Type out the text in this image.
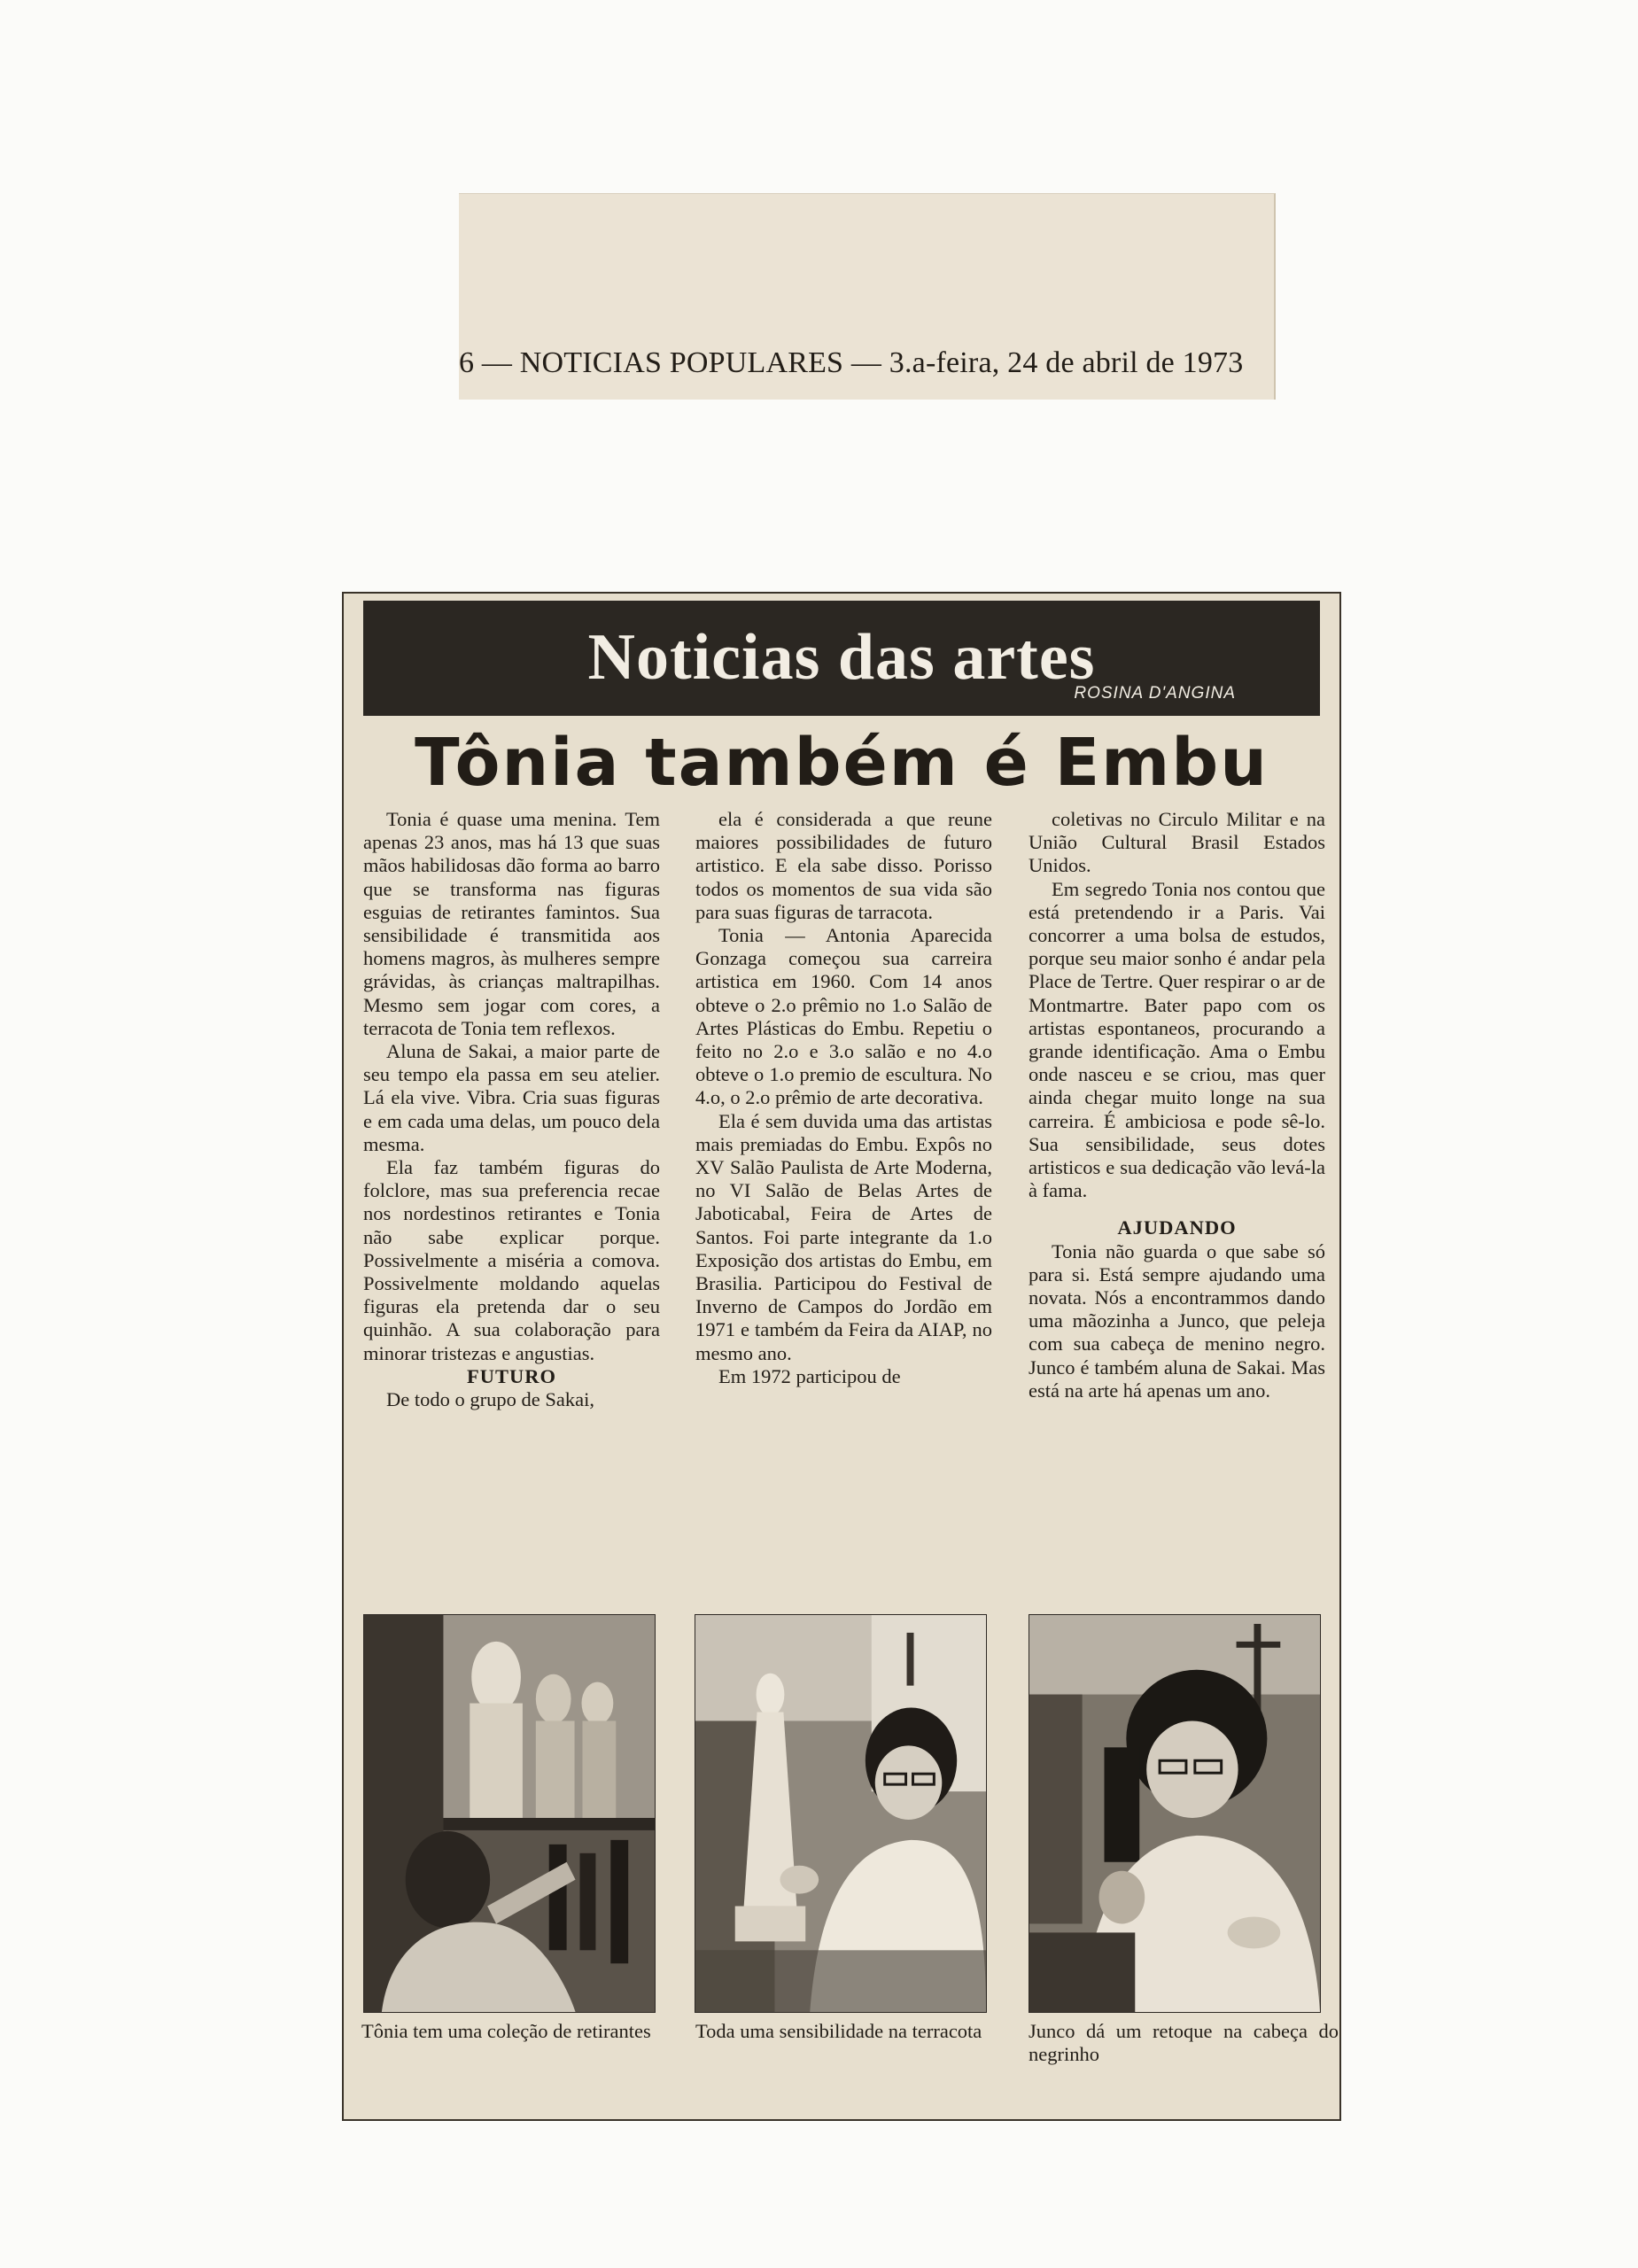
6 — NOTICIAS POPULARES — 3.a-feira, 24 de abril de 1973
Noticias das artes
ROSINA D'ANGINA
Tônia também é Embu

Tonia é quase uma menina. Tem apenas 23 anos, mas há 13 que suas mãos habilidosas dão forma ao barro que se transforma nas figuras esguias de retirantes famintos. Sua sensibilidade é transmitida aos homens magros, às mulheres sempre grávidas, às crianças maltrapilhas. Mesmo sem jogar com cores, a terracota de Tonia tem reflexos.

Aluna de Sakai, a maior parte de seu tempo ela passa em seu atelier. Lá ela vive. Vibra. Cria suas figuras e em cada uma delas, um pouco dela mesma.

Ela faz também figuras do folclore, mas sua preferencia recae nos nordestinos retirantes e Tonia não sabe explicar porque. Possivelmente a miséria a comova. Possivelmente moldando aquelas figuras ela pretenda dar o seu quinhão. A sua colaboração para minorar tristezas e angustias.

FUTURO

De todo o grupo de Sakai,

ela é considerada a que reune maiores possibilidades de futuro artistico. E ela sabe disso. Porisso todos os momentos de sua vida são para suas figuras de tarracota.

Tonia — Antonia Aparecida Gonzaga começou sua carreira artistica em 1960. Com 14 anos obteve o 2.o prêmio no 1.o Salão de Artes Plásticas do Embu. Repetiu o feito no 2.o e 3.o salão e no 4.o obteve o 1.o premio de escultura. No 4.o, o 2.o prêmio de arte decorativa.

Ela é sem duvida uma das artistas mais premiadas do Embu. Expôs no XV Salão Paulista de Arte Moderna, no VI Salão de Belas Artes de Jaboticabal, Feira de Artes de Santos. Foi parte integrante da 1.o Exposição dos artistas do Embu, em Brasilia. Participou do Festival de Inverno de Campos do Jordão em 1971 e também da Feira da AIAP, no mesmo ano.

Em 1972 participou de

coletivas no Circulo Militar e na União Cultural Brasil Estados Unidos.

Em segredo Tonia nos contou que está pretendendo ir a Paris. Vai concorrer a uma bolsa de estudos, porque seu maior sonho é andar pela Place de Tertre. Quer respirar o ar de Montmartre. Bater papo com os artistas espontaneos, procurando a grande identificação. Ama o Embu onde nasceu e se criou, mas quer ainda chegar muito longe na sua carreira. É ambiciosa e pode sê-lo. Sua sensibilidade, seus dotes artisticos e sua dedicação vão levá-la à fama.

AJUDANDO

Tonia não guarda o que sabe só para si. Está sempre ajudando uma novata. Nós a encontrammos dando uma mãozinha a Junco, que peleja com sua cabeça de menino negro. Junco é também aluna de Sakai. Mas está na arte há apenas um ano.

Tônia tem uma coleção de retirantes	Toda uma sensibilidade na terracota	Junco dá um retoque na cabeça do negrinho
